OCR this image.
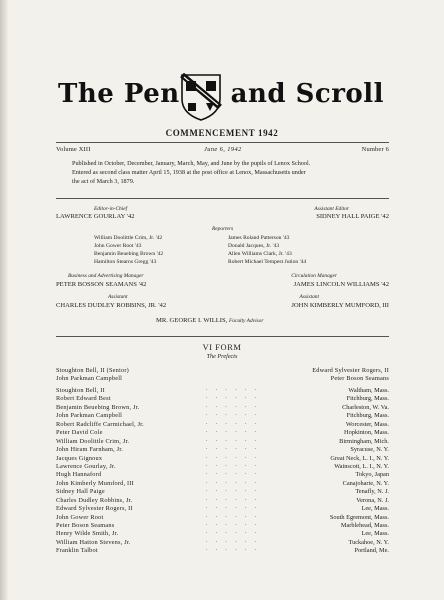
The Pen and Scroll
COMMENCEMENT 1942
Volume XIII	June 6, 1942	Number 6

Published in October, December, January, March, May, and June by the pupils of Lenox School.

Entered as second class matter April 15, 1938 at the post office at Lenox, Massachusetts under

the act of March 3, 1879.

Editor-in-Chief
LAWRENCE GOURLAY '42
Assistant Editor
SIDNEY HALL PAIGE '42
Reporters
William Doolittle Crim, Jr. '42
John Gower Root '43
Benjamin Beuebing Brown '42
Hamilton Stearns Gregg '43
James Roland Patterson '43
Donald Jacques, Jr. '43
Allen Williams Clark, Jr. '43
Robert Michael Tempest Jution '44
Business and Advertising Manager
PETER BOSSON SEAMANS '42
Circulation Manager
JAMES LINCOLN WILLIAMS '42
Assistant
CHARLES DUDLEY ROBBINS, JR. '42
Assistant
JOHN KIMBERLY MUMFORD, III
MR. GEORGE I. WILLIS, Faculty Advisor
VI FORM
The Prefects
Stoughton Bell, II (Senior)	Edward Sylvester Rogers, II
John Parkman Campbell	Peter Boson Seamans
Stoughton Bell, II	......	Waltham, Mass.
Robert Edward Best	......	Fitchburg, Mass.
Benjamin Beuebing Brown, Jr.	......	Charleston, W. Va.
John Parkman Campbell	......	Fitchburg, Mass.
Robert Radcliffe Carmichael, Jr.	......	Worcester, Mass.
Peter David Cole	......	Hopkinton, Mass.
William Doolittle Crim, Jr.	......	Birmingham, Mich.
John Hiram Farnham, Jr.	......	Syracuse, N. Y.
Jacques Gignoux	......	Great Neck, L. I., N. Y.
Lawrence Gourlay, Jr.	......	Wainscott, L. I., N. Y.
Hugh Hannaford	......	Tokyo, Japan
John Kimberly Mumford, III	......	Canajoharie, N. Y.
Sidney Hall Paige	......	Tenafly, N. J.
Charles Dudley Robbins, Jr.	......	Verona, N. J.
Edward Sylvester Rogers, II	......	Lee, Mass.
John Gower Root	......	South Egremont, Mass.
Peter Boson Seamans	......	Marblehead, Mass.
Henry Wilde Smith, Jr.	......	Lee, Mass.
William Hatton Stevens, Jr.	......	Tuckahoe, N. Y.
Franklin Talbot	......	Portland, Me.
